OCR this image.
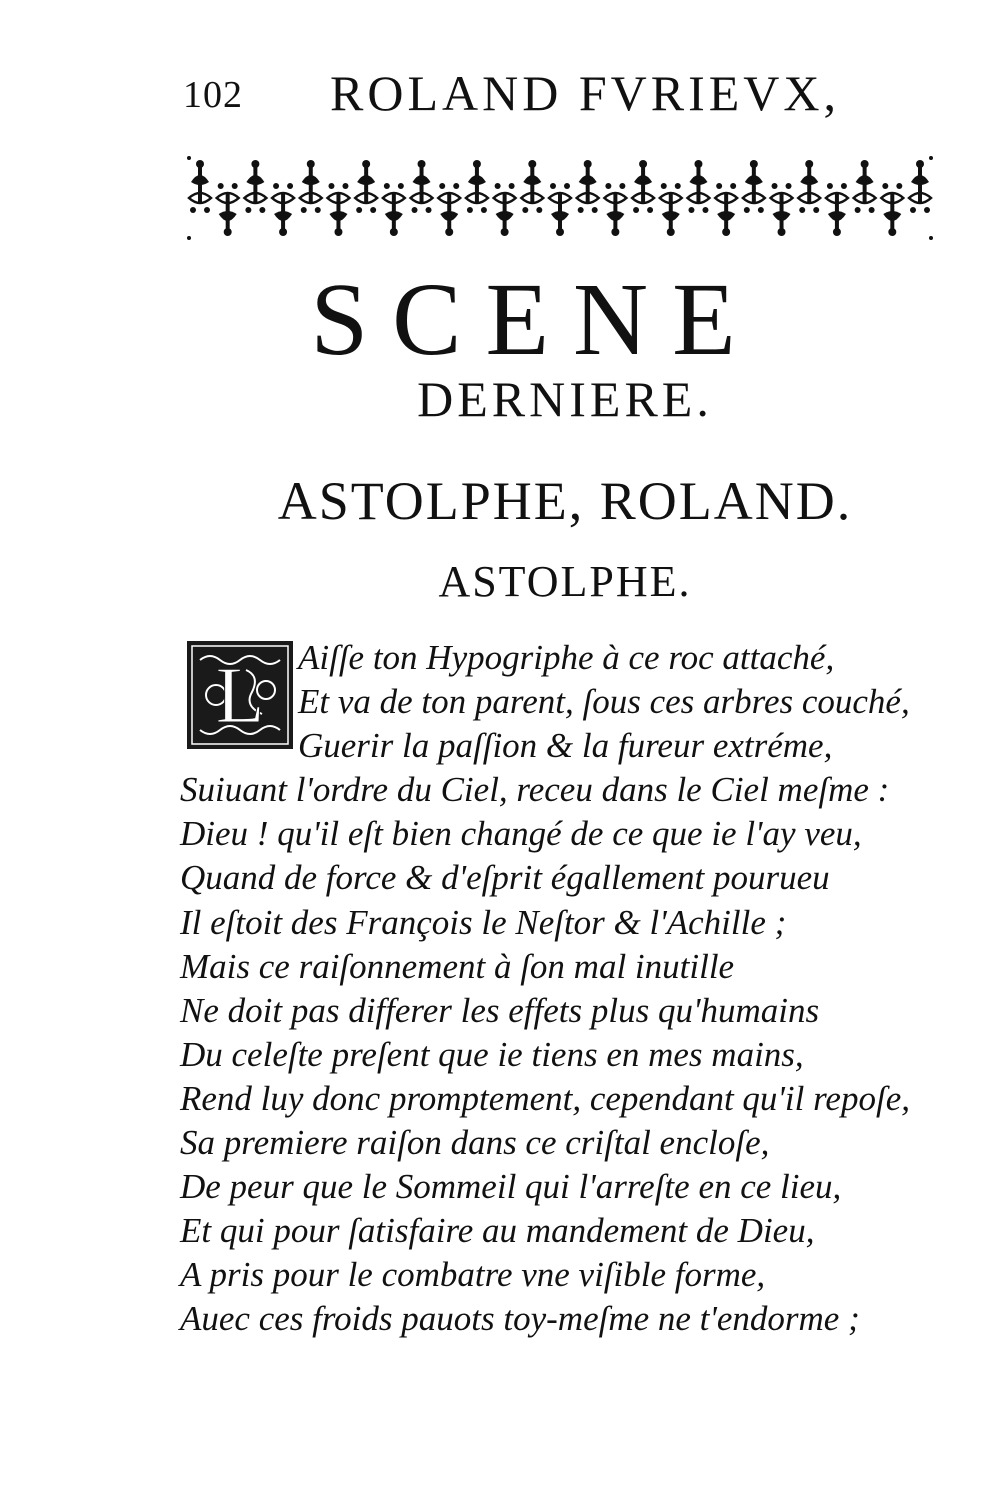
102 ROLAND FVRIEVX,
SCENE
DERNIERE.
ASTOLPHE, ROLAND.
ASTOLPHE.
L Aiſſe ton Hypogriphe à ce roc attaché,
Et va de ton parent, ſous ces arbres couché,
Guerir la paſſion & la fureur extréme,
Suiuant l'ordre du Ciel, receu dans le Ciel meſme :
Dieu ! qu'il eſt bien changé de ce que ie l'ay veu,
Quand de force & d'eſprit égallement pourueu
Il eſtoit des François le Neſtor & l'Achille ;
Mais ce raiſonnement à ſon mal inutille
Ne doit pas differer les effets plus qu'humains
Du celeſte preſent que ie tiens en mes mains,
Rend luy donc promptement, cependant qu'il repoſe,
Sa premiere raiſon dans ce criſtal encloſe,
De peur que le Sommeil qui l'arreſte en ce lieu,
Et qui pour ſatisfaire au mandement de Dieu,
A pris pour le combatre vne viſible forme,
Auec ces froids pauots toy-meſme ne t'endorme ;
